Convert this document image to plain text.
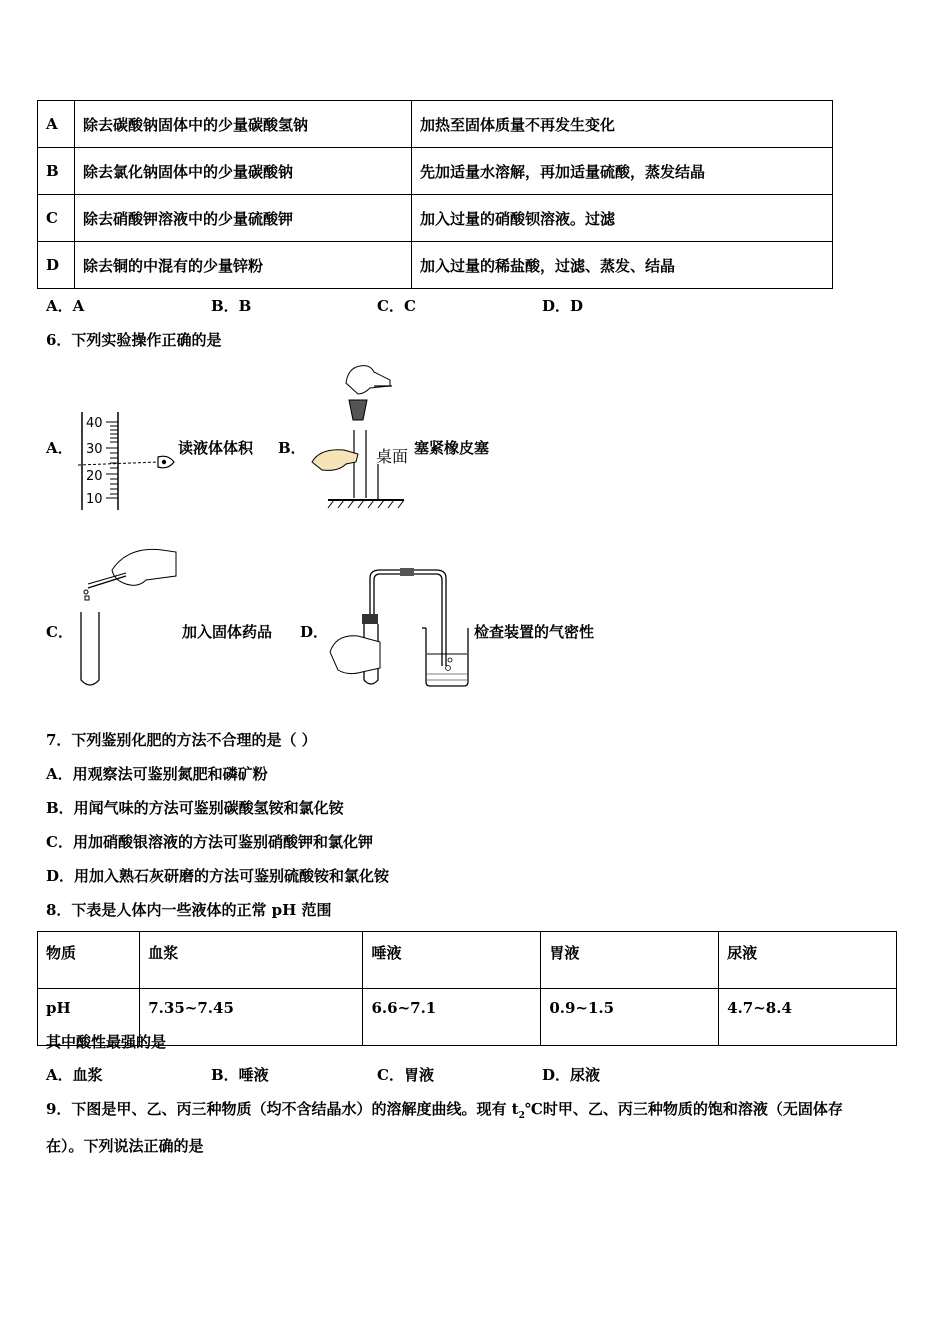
A	除去碳酸钠固体中的少量碳酸氢钠	加热至固体质量不再发生变化
B	除去氯化钠固体中的少量碳酸钠	先加适量水溶解，再加适量硫酸，蒸发结晶
C	除去硝酸钾溶液中的少量硫酸钾	加入过量的硝酸钡溶液。过滤
D	除去铜的中混有的少量锌粉	加入过量的稀盐酸，过滤、蒸发、结晶
A．A	B．B	C．C	D．D
6．下列实验操作正确的是
A．
40
30
20
10
读液体体积 B．	桌面 塞紧橡皮塞
C．	加入固体药品 D．	检查装置的气密性
7．下列鉴别化肥的方法不合理的是（ ）
A．用观察法可鉴别氮肥和磷矿粉
B．用闻气味的方法可鉴别碳酸氢铵和氯化铵
C．用加硝酸银溶液的方法可鉴别硝酸钾和氯化钾
D．用加入熟石灰研磨的方法可鉴别硫酸铵和氯化铵
8．下表是人体内一些液体的正常 pH 范围
物质	血浆	唾液	胃液	尿液
pH	7.35~7.45	6.6~7.1	0.9~1.5	4.7~8.4
其中酸性最强的是
A．血浆	B．唾液	C．胃液	D．尿液
9．下图是甲、乙、丙三种物质（均不含结晶水）的溶解度曲线。现有 $t_2℃$时甲、乙、丙三种物质的饱和溶液（无固体存
在）。下列说法正确的是
